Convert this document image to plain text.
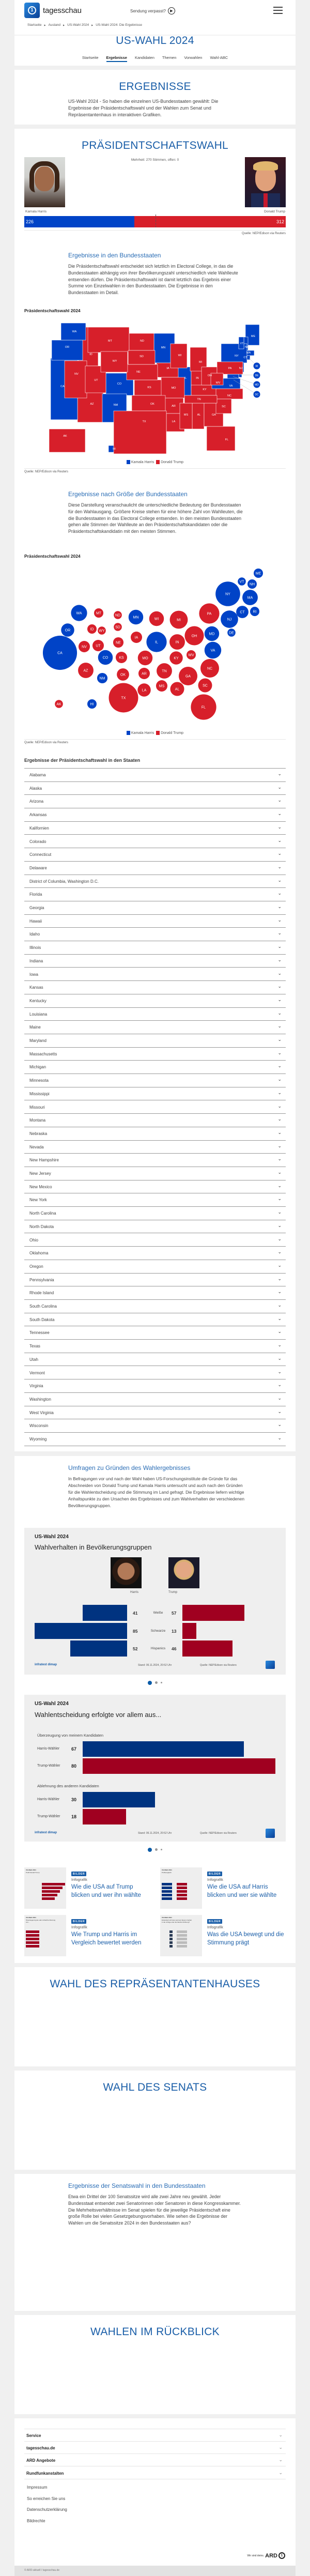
© ARD-aktuell / tagesschau.de
1	tagesschau	Sendung verpasst?	▶
Startseite ▶ Ausland ▶ US-Wahl 2024 ▶ US-Wahl 2024: Die Ergebnisse
US-WAHL 2024
Startseite Ergebnisse Kandidaten Themen Vorwahlen Wahl-ABC
ERGEBNISSE
US-Wahl 2024 - So haben die einzelnen US-Bundesstaaten gewählt: Die Ergebnisse der Präsidentschaftswahl und der Wahlen zum Senat und Repräsentantenhaus in interaktiven Grafiken.
PRÄSIDENTSCHAFTSWAHL
Mehrheit: 270 Stimmen, offen: 0
Kamala Harris	Donald Trump
226	312
Quelle: NEP/Edison via Reuters
Ergebnisse in den Bundesstaaten
Die Präsidentschaftswahl entscheidet sich letztlich im Electoral College, in das die Bundesstaaten abhängig von ihrer Bevölkerungszahl unterschiedlich viele Wahlleute entsenden dürfen. Die Präsidentschaftswahl ist damit letztlich das Ergebnis einer Summe von Einzelwahlen in den Bundesstaaten. Die Ergebnisse in den Bundesstaaten im Detail.
Präsidentschaftswahl 2024
AL
AK
AZ
AR
CA
CO
CT
DE
DC
FL
GA
HI
ID
IL	IN
IA
KS
KY
LA
ME
MD
MA
MI
MN
MS
MO
MT
NE
NV
NH
NJ
NM
NY
NC
ND
OH
OK
OR
PA
RI
SC
SD
TN
TX
UT
VT
VA
WA
WV
WI
WY
Kamala Harris Donald Trump
Quelle: NEP/Edison via Reuters
Ergebnisse nach Größe der Bundesstaaten
Diese Darstellung veranschaulicht die unterschiedliche Bedeutung der Bundesstaaten für den Wahlausgang. Größere Kreise stehen für eine höhere Zahl von Wahlleuten, die die Bundesstaaten in das Electoral College entsenden. In den meisten Bundesstaaten gehen alle Stimmen der Wahlleute an den Präsidentschaftskandidaten oder die Präsidentschaftskandidatin mit den meisten Stimmen.
Präsidentschaftswahl 2024
AL
AK
AZ
AR
CA
CO
CT
DE
FL
GA
HI
ID
IL	IN
IA
KS	KY
LA
ME
MD
MA
MI
MN
MS
MO
MT
NE
NV
NH
NJ
NM
NY
NC
ND
OH
OK
OR
PA
RI
SC
SD
TN
TX
UT
VT
VA
WA
WV
WI
WY
Kamala Harris Donald Trump
Quelle: NEP/Edison via Reuters
Ergebnisse der Präsidentschaftswahl in den Staaten
Alabama	⌄
Alaska	⌄
Arizona	⌄
Arkansas	⌄
Kalifornien	⌄
Colorado	⌄
Connecticut	⌄
Delaware	⌄
District of Columbia, Washington D.C.	⌄
Florida	⌄
Georgia	⌄
Hawaii	⌄
Idaho	⌄
Illinois	⌄
Indiana	⌄
Iowa	⌄
Kansas	⌄
Kentucky	⌄
Louisiana	⌄
Maine	⌄
Maryland	⌄
Massachusetts	⌄
Michigan	⌄
Minnesota	⌄
Mississippi	⌄
Missouri	⌄
Montana	⌄
Nebraska	⌄
Nevada	⌄
New Hampshire	⌄
New Jersey	⌄
New Mexico	⌄
New York	⌄
North Carolina	⌄
North Dakota	⌄
Ohio	⌄
Oklahoma	⌄
Oregon	⌄
Pennsylvania	⌄
Rhode Island	⌄
South Carolina	⌄
South Dakota	⌄
Tennessee	⌄
Texas	⌄
Utah	⌄
Vermont	⌄
Virginia	⌄
Washington	⌄
West Virginia	⌄
Wisconsin	⌄
Wyoming	⌄
Umfragen zu Gründen des Wahlergebnisses
In Befragungen vor und nach der Wahl haben US-Forschungsinstitute die Gründe für das Abschneiden von Donald Trump und Kamala Harris untersucht und auch nach den Gründen für die Wahlentscheidung und die Stimmung im Land gefragt. Die Ergebnisse liefern wichtige Anhaltspunkte zu den Ursachen des Ergebnisses und zum Wahlverhalten der verschiedenen Bevölkerungsgruppen.
US-Wahl 2024
Wahlverhalten in Bevölkerungsgruppen
Harris	Trump
41	Weiße	57
85	Schwarze	13
52	Hispanics	46
infratest dimap	Stand: 06.11.2024, 20:52 Uhr	Quelle: NEP/Edison via Reuters
US-Wahl 2024
Wahlentscheidung erfolgte vor allem aus...
Überzeugung von meinem Kandidaten
Harris-Wähler	67
Trump-Wähler 80
Ablehnung des anderen Kandidaten
Harris-Wähler	30
Trump-Wähler 18
infratest dimap	Stand: 06.11.2024, 20:52 Uhr	Quelle: NEP/Edison via Reuters
US-Wahl 2024
Profil Donald Trump	BILDER
Infografik
Wie die USA auf Trump blicken und wer ihn wählte
US-Wahl 2024
Profilvergleich	BILDER
Infografik
Wie die USA auf Harris blicken und wer sie wählte
US-Wahl 2024
Überwiegend gute oder schlechte Meinung von...	BILDER
Infografik
Wie Trump und Harris im Vergleich bewertet werden
US-Wahl 2024
Entwickelt sich das Land auf diesem Gebiet in die richtige oder die falsche Richtung?	BILDER
Infografik
Was die USA bewegt und die Stimmung prägt
WAHL DES REPRÄSENTANTENHAUSES
WAHL DES SENATS
Ergebnisse der Senatswahl in den Bundesstaaten
Etwa ein Drittel der 100 Senatssitze wird alle zwei Jahre neu gewählt. Jeder Bundesstaat entsendet zwei Senatorinnen oder Senatoren in diese Kongresskammer. Die Mehrheitsverhältnisse im Senat spielen für die jeweilige Präsidentschaft eine große Rolle bei vielen Gesetzgebungsvorhaben. Wie sehen die Ergebnisse der Wahlen um die Senatssitze 2024 in den Bundesstaaten aus?
WAHLEN IM RÜCKBLICK
Service	⌄
tagesschau.de	⌄
ARD Angebote	⌄
Rundfunkanstalten	⌄
Impressum
So erreichen Sie uns
Datenschutzerklärung
Bildrechte
Wir sind deins. ARD 1
